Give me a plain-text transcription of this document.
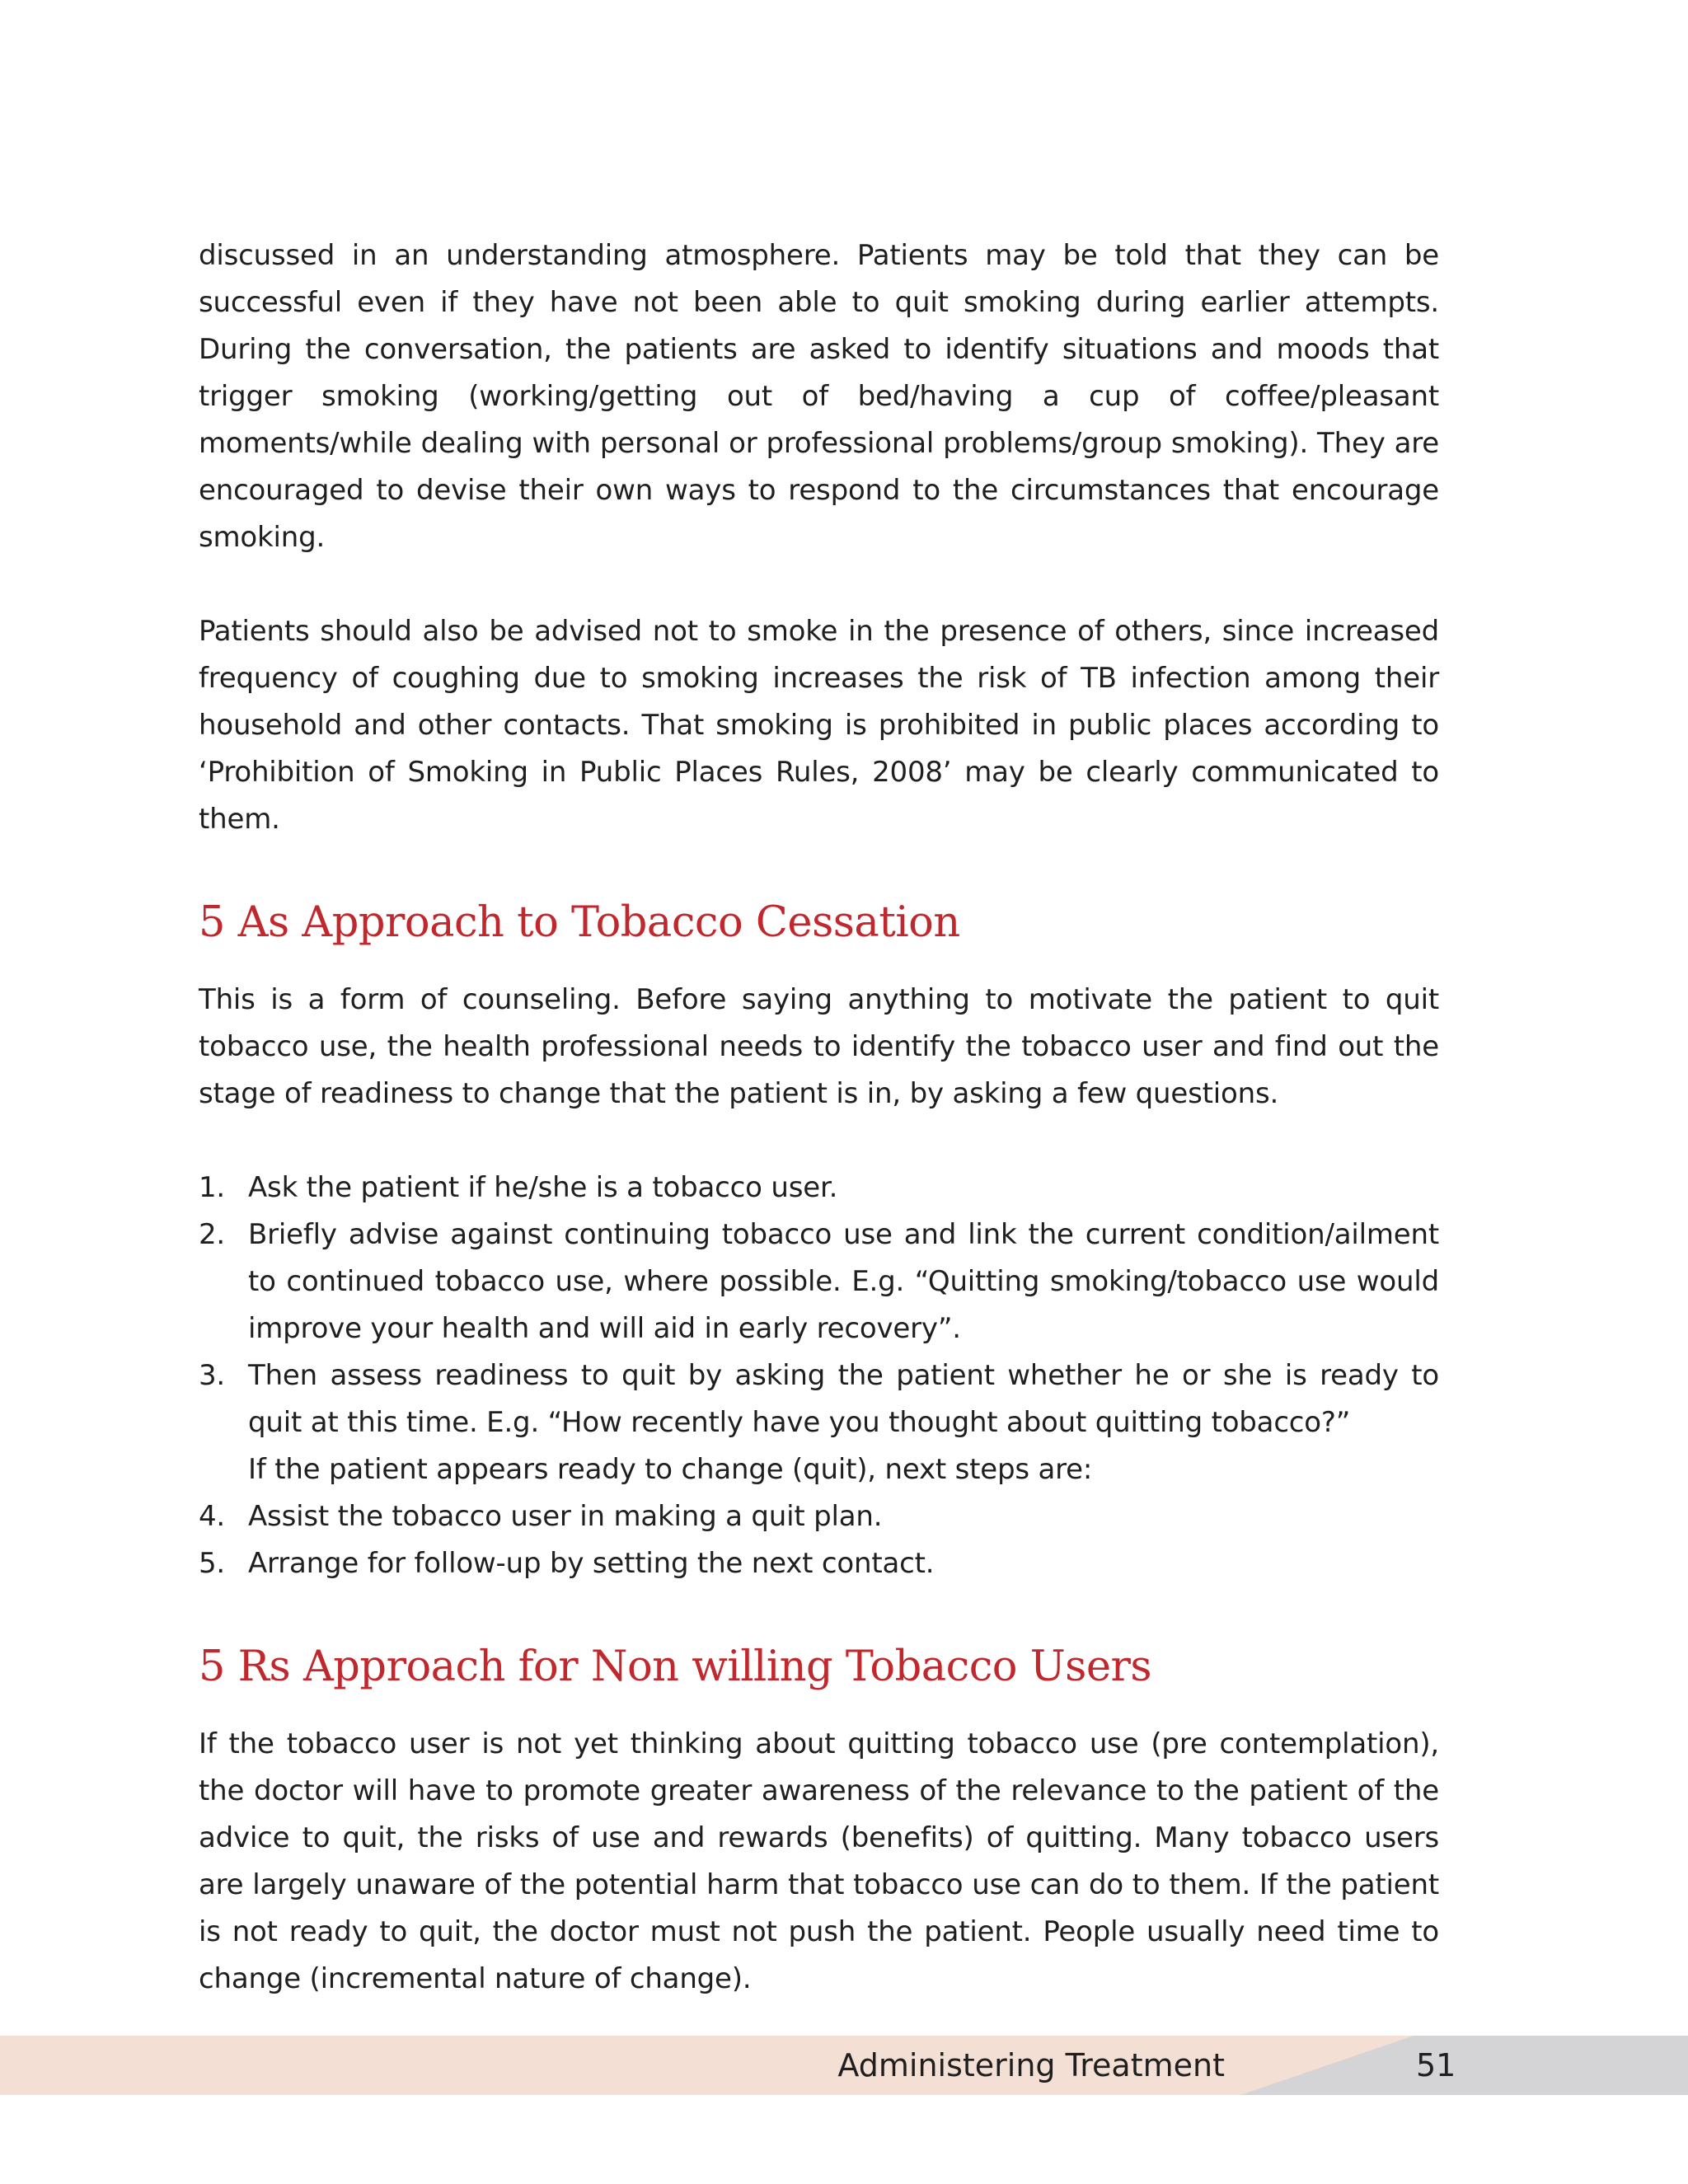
discussed in an understanding atmosphere. Patients may be told that they can be successful even if they have not been able to quit smoking during earlier attempts. During the conversation, the patients are asked to identify situations and moods that trigger smoking (working/getting out of bed/having a cup of coffee/pleasant moments/while dealing with personal or professional problems/group smoking). They are encouraged to devise their own ways to respond to the circumstances that encourage smoking.

Patients should also be advised not to smoke in the presence of others, since increased frequency of coughing due to smoking increases the risk of TB infection among their household and other contacts. That smoking is prohibited in public places according to ‘Prohibition of Smoking in Public Places Rules, 2008’ may be clearly communicated to them.

5 As Approach to Tobacco Cessation

This is a form of counseling. Before saying anything to motivate the patient to quit tobacco use, the health professional needs to identify the tobacco user and find out the stage of readiness to change that the patient is in, by asking a few questions.

1. Ask the patient if he/she is a tobacco user.
2. Briefly advise against continuing tobacco use and link the current condition/ailment to continued tobacco use, where possible. E.g. “Quitting smoking/tobacco use would improve your health and will aid in early recovery”.
3. Then assess readiness to quit by asking the patient whether he or she is ready to quit at this time. E.g. “How recently have you thought about quitting tobacco?”
If the patient appears ready to change (quit), next steps are:
4. Assist the tobacco user in making a quit plan.
5. Arrange for follow-up by setting the next contact.
5 Rs Approach for Non willing Tobacco Users

If the tobacco user is not yet thinking about quitting tobacco use (pre contemplation), the doctor will have to promote greater awareness of the relevance to the patient of the advice to quit, the risks of use and rewards (benefits) of quitting. Many tobacco users are largely unaware of the potential harm that tobacco use can do to them. If the patient is not ready to quit, the doctor must not push the patient. People usually need time to change (incremental nature of change).

Administering Treatment	51
